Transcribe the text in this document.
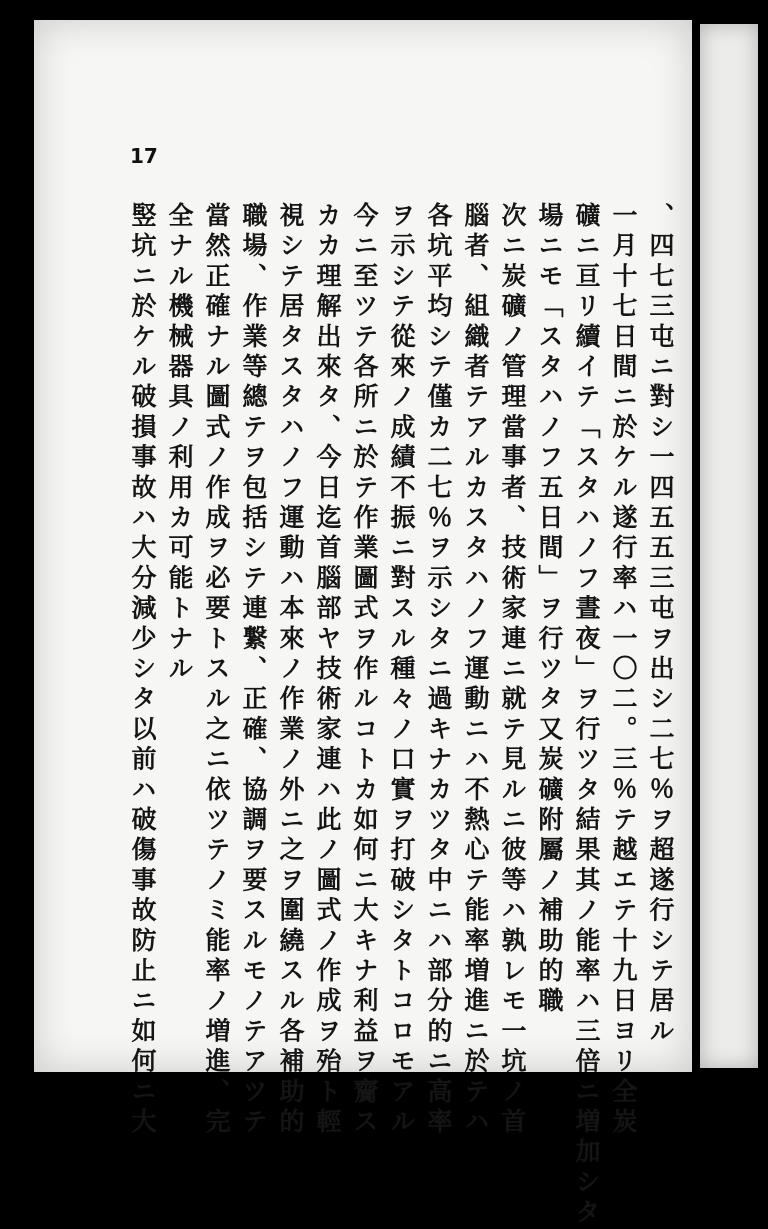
17
、四七三屯ニ對シ一四五五三屯ヲ出シ二七％ヲ超遂行シテ居ル
一月十七日間ニ於ケル遂行率ハ一〇二。三％テ越エテ十九日ヨリ全炭
礦ニ亘リ續イテ「スタハノフ晝夜」ヲ行ツタ結果其ノ能率ハ三倍ニ増加シタ
場ニモ「スタハノフ五日間」ヲ行ツタ又炭礦附屬ノ補助的職
次ニ炭礦ノ管理當事者、技術家連ニ就テ見ルニ彼等ハ孰レモ一坑ノ首
腦者、組織者テアルカスタハノフ運動ニハ不熱心テ能率増進ニ於テハ
各坑平均シテ僅カ二七％ヲ示シタニ過キナカツタ中ニハ部分的ニ高率
ヲ示シテ從來ノ成績不振ニ對スル種々ノ口實ヲ打破シタトコロモアル
今ニ至ツテ各所ニ於テ作業圖式ヲ作ルコトカ如何ニ大キナ利益ヲ齎ス
カカ理解出來タ、今日迄首腦部ヤ技術家連ハ此ノ圖式ノ作成ヲ殆ト輕
視シテ居タスタハノフ運動ハ本來ノ作業ノ外ニ之ヲ圍繞スル各補助的
職場、作業等總テヲ包括シテ連繋、正確、協調ヲ要スルモノテアツテ
當然正確ナル圖式ノ作成ヲ必要トスル之ニ依ツテノミ能率ノ増進、完
全ナル機械器具ノ利用カ可能トナル
竪坑ニ於ケル破損事故ハ大分減少シタ以前ハ破傷事故防止ニ如何ニ大
